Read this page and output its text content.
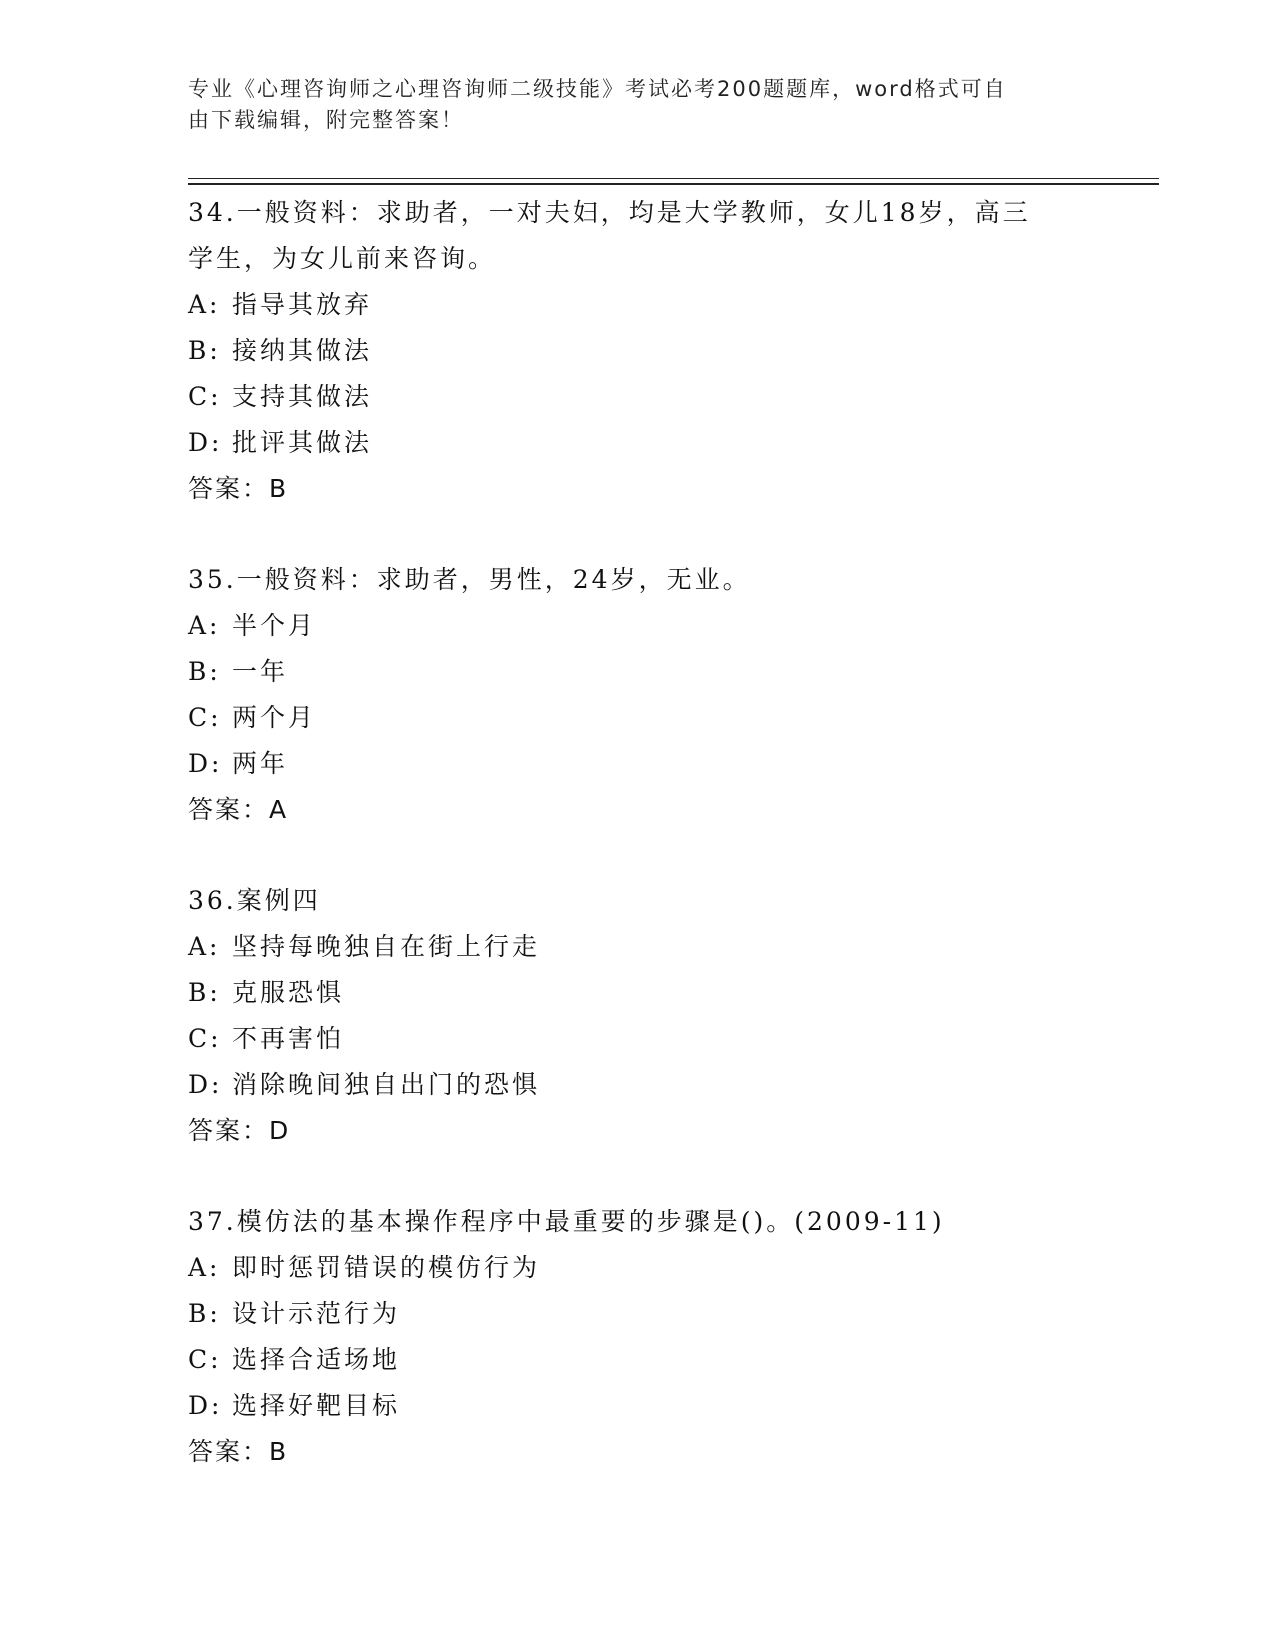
专业《心理咨询师之心理咨询师二级技能》考试必考200题题库，word格式可自
由下载编辑，附完整答案！

34.一般资料：求助者，一对夫妇，均是大学教师，女儿18岁，高三

学生，为女儿前来咨询。

A: 指导其放弃

B: 接纳其做法

C: 支持其做法

D: 批评其做法

答案：B

35.一般资料：求助者，男性，24岁，无业。

A: 半个月

B: 一年

C: 两个月

D: 两年

答案：A

36.案例四

A: 坚持每晚独自在街上行走

B: 克服恐惧

C: 不再害怕

D: 消除晚间独自出门的恐惧

答案：D

37.模仿法的基本操作程序中最重要的步骤是()。(2009-11)

A: 即时惩罚错误的模仿行为

B: 设计示范行为

C: 选择合适场地

D: 选择好靶目标

答案：B
